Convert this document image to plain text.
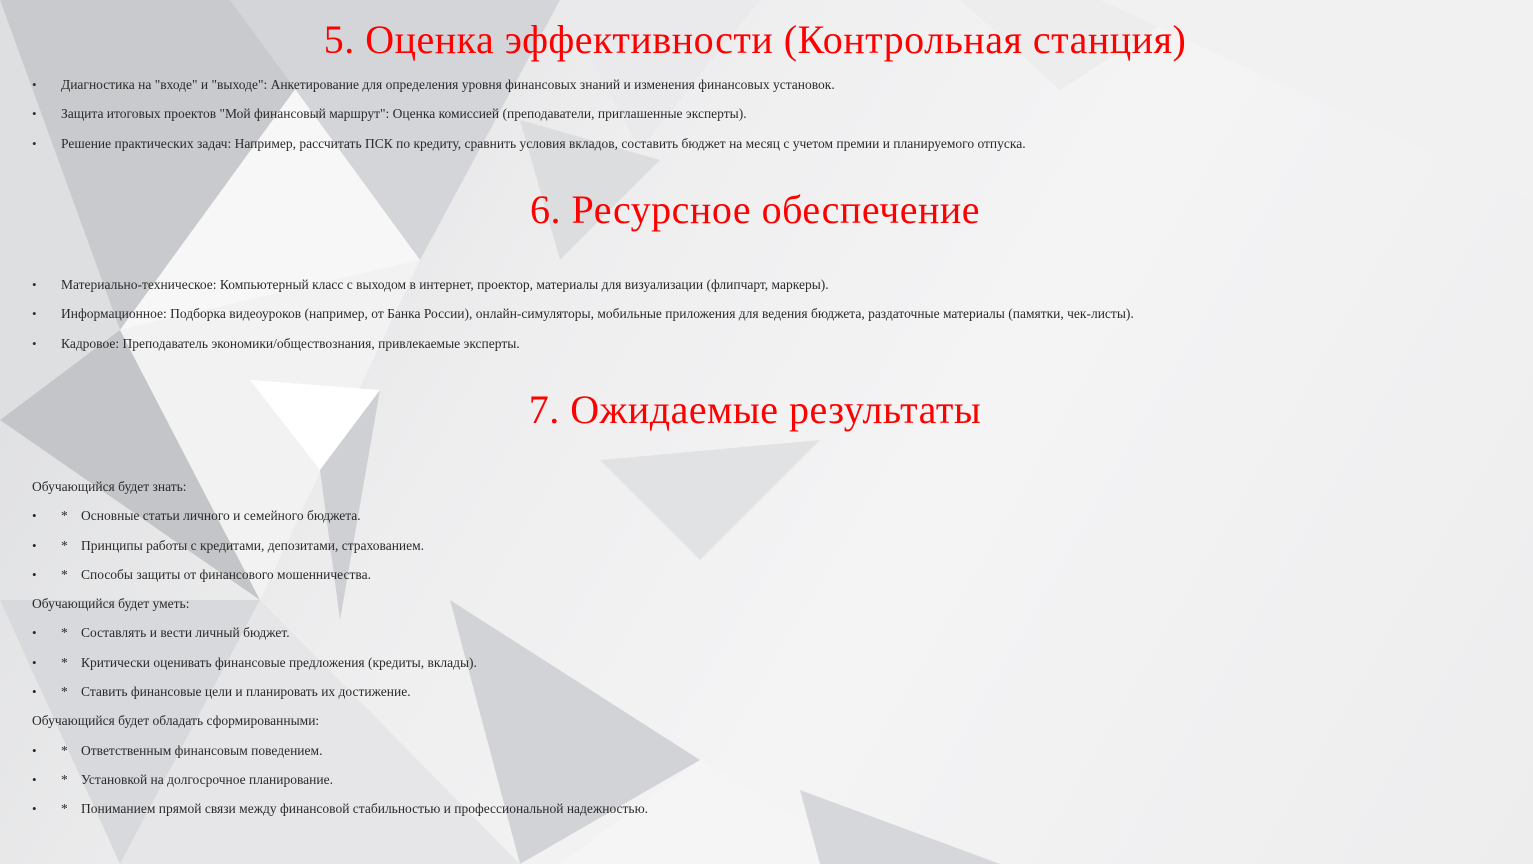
5. Оценка эффективности (Контрольная станция)
• Диагностика на "входе" и "выходе": Анкетирование для определения уровня финансовых знаний и изменения финансовых установок.
• Защита итоговых проектов "Мой финансовый маршрут": Оценка комиссией (преподаватели, приглашенные эксперты).
• Решение практических задач: Например, рассчитать ПСК по кредиту, сравнить условия вкладов, составить бюджет на месяц с учетом премии и планируемого отпуска.
6. Ресурсное обеспечение
• Материально-техническое: Компьютерный класс с выходом в интернет, проектор, материалы для визуализации (флипчарт, маркеры).
• Информационное: Подборка видеоуроков (например, от Банка России), онлайн-симуляторы, мобильные приложения для ведения бюджета, раздаточные материалы (памятки, чек-листы).
• Кадровое: Преподаватель экономики/обществознания, привлекаемые эксперты.
7. Ожидаемые результаты
Обучающийся будет знать:
• * Основные статьи личного и семейного бюджета.
• * Принципы работы с кредитами, депозитами, страхованием.
• * Способы защиты от финансового мошенничества.
Обучающийся будет уметь:
• * Составлять и вести личный бюджет.
• * Критически оценивать финансовые предложения (кредиты, вклады).
• * Ставить финансовые цели и планировать их достижение.
Обучающийся будет обладать сформированными:
• * Ответственным финансовым поведением.
• * Установкой на долгосрочное планирование.
• * Пониманием прямой связи между финансовой стабильностью и профессиональной надежностью.
